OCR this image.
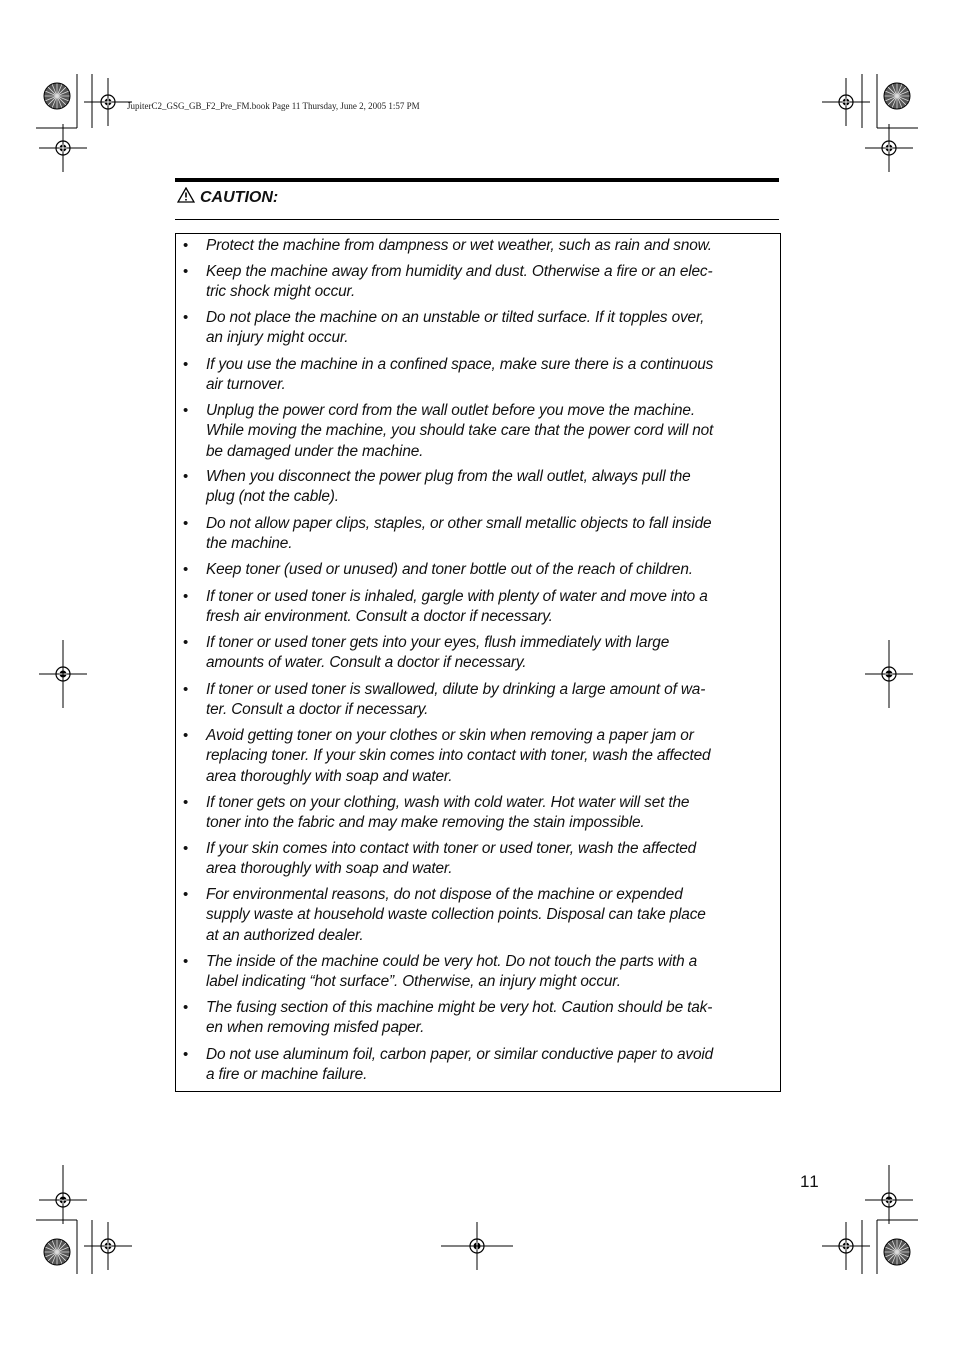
JupiterC2_GSG_GB_F2_Pre_FM.book Page 11 Thursday, June 2, 2005 1:57 PM
CAUTION:
• Protect the machine from dampness or wet weather, such as rain and snow.
• Keep the machine away from humidity and dust. Otherwise a fire or an elec-
tric shock might occur.
• Do not place the machine on an unstable or tilted surface. If it topples over,
an injury might occur.
• If you use the machine in a confined space, make sure there is a continuous
air turnover.
• Unplug the power cord from the wall outlet before you move the machine.
While moving the machine, you should take care that the power cord will not
be damaged under the machine.
• When you disconnect the power plug from the wall outlet, always pull the
plug (not the cable).
• Do not allow paper clips, staples, or other small metallic objects to fall inside
the machine.
• Keep toner (used or unused) and toner bottle out of the reach of children.
• If toner or used toner is inhaled, gargle with plenty of water and move into a
fresh air environment. Consult a doctor if necessary.
• If toner or used toner gets into your eyes, flush immediately with large
amounts of water. Consult a doctor if necessary.
• If toner or used toner is swallowed, dilute by drinking a large amount of wa-
ter. Consult a doctor if necessary.
• Avoid getting toner on your clothes or skin when removing a paper jam or
replacing toner. If your skin comes into contact with toner, wash the affected
area thoroughly with soap and water.
• If toner gets on your clothing, wash with cold water. Hot water will set the
toner into the fabric and may make removing the stain impossible.
• If your skin comes into contact with toner or used toner, wash the affected
area thoroughly with soap and water.
• For environmental reasons, do not dispose of the machine or expended
supply waste at household waste collection points. Disposal can take place
at an authorized dealer.
• The inside of the machine could be very hot. Do not touch the parts with a
label indicating “hot surface”. Otherwise, an injury might occur.
• The fusing section of this machine might be very hot. Caution should be tak-
en when removing misfed paper.
• Do not use aluminum foil, carbon paper, or similar conductive paper to avoid
a fire or machine failure.
11
